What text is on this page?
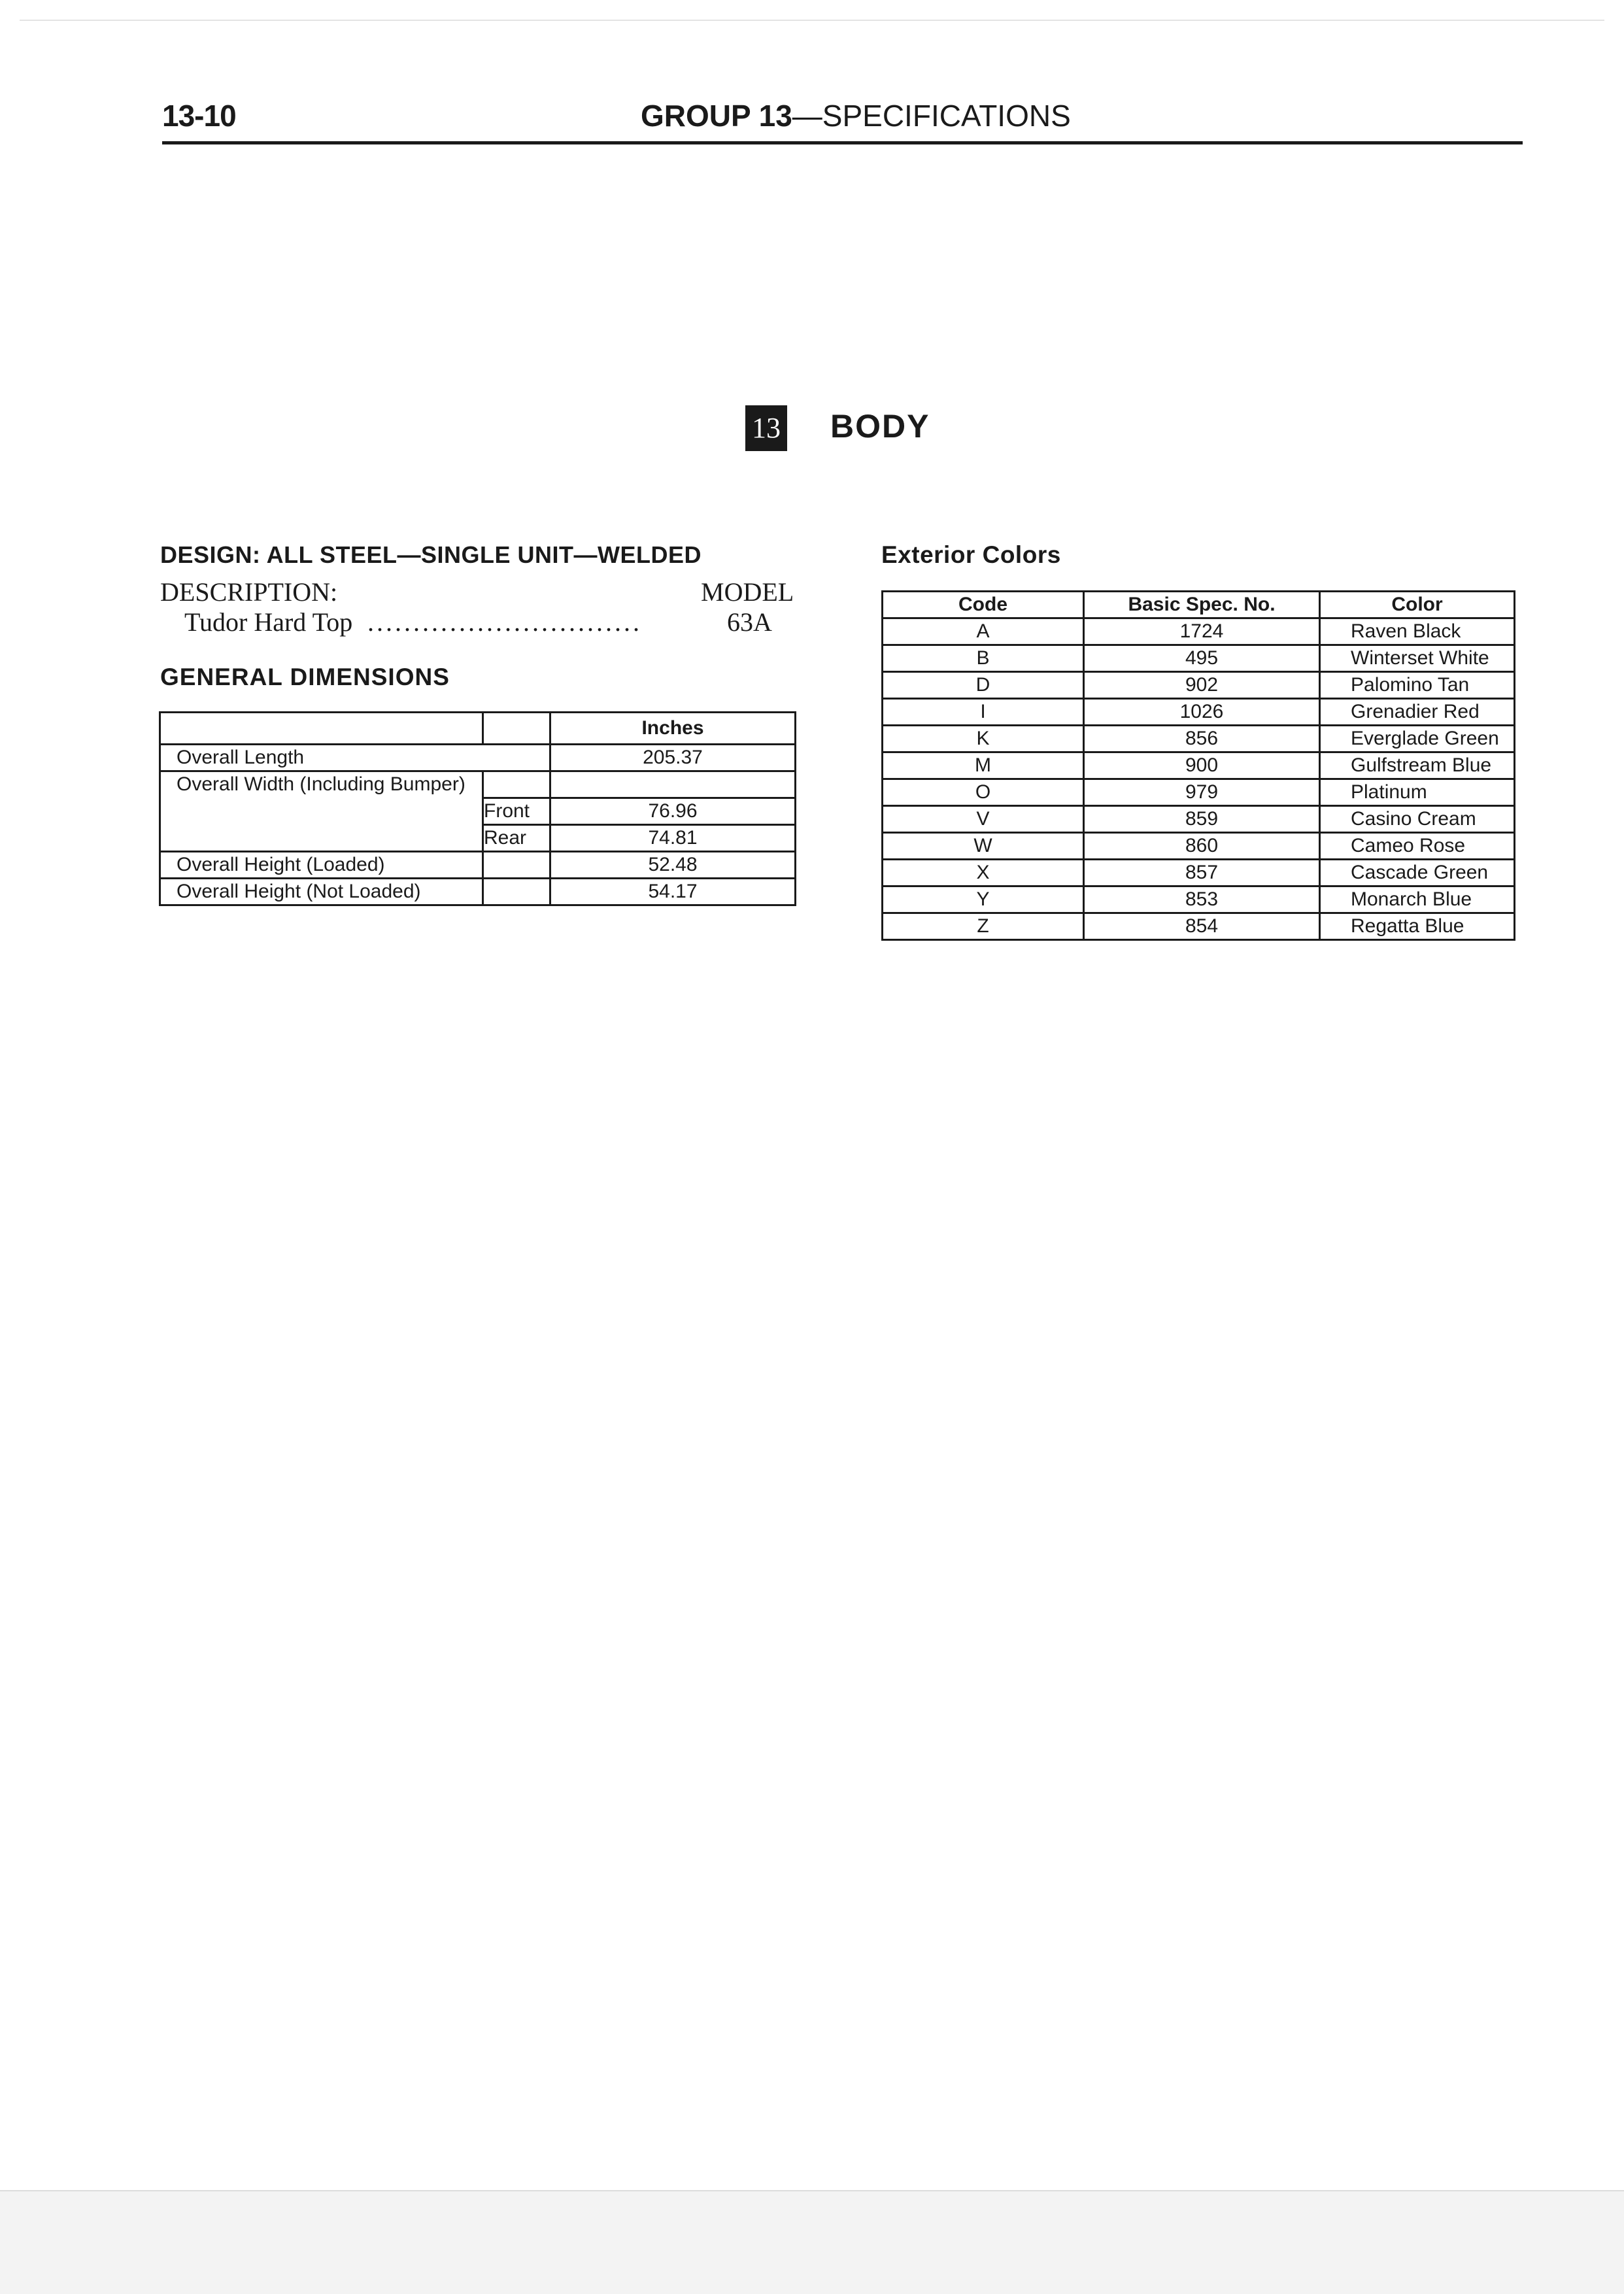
13-10	GROUP 13—SPECIFICATIONS
13 BODY
DESIGN: ALL STEEL—SINGLE UNIT—WELDED
DESCRIPTION:	MODEL
Tudor Hard Top ..............................	63A
GENERAL DIMENSIONS
		Inches
Overall Length		205.37
Overall Width (Including Bumper)		
	Front	76.96
	Rear	74.81
Overall Height (Loaded)		52.48
Overall Height (Not Loaded)		54.17
Exterior Colors
Code	Basic Spec. No.	Color
A	1724	Raven Black
B	495	Winterset White
D	902	Palomino Tan
I	1026	Grenadier Red
K	856	Everglade Green
M	900	Gulfstream Blue
O	979	Platinum
V	859	Casino Cream
W	860	Cameo Rose
X	857	Cascade Green
Y	853	Monarch Blue
Z	854	Regatta Blue
